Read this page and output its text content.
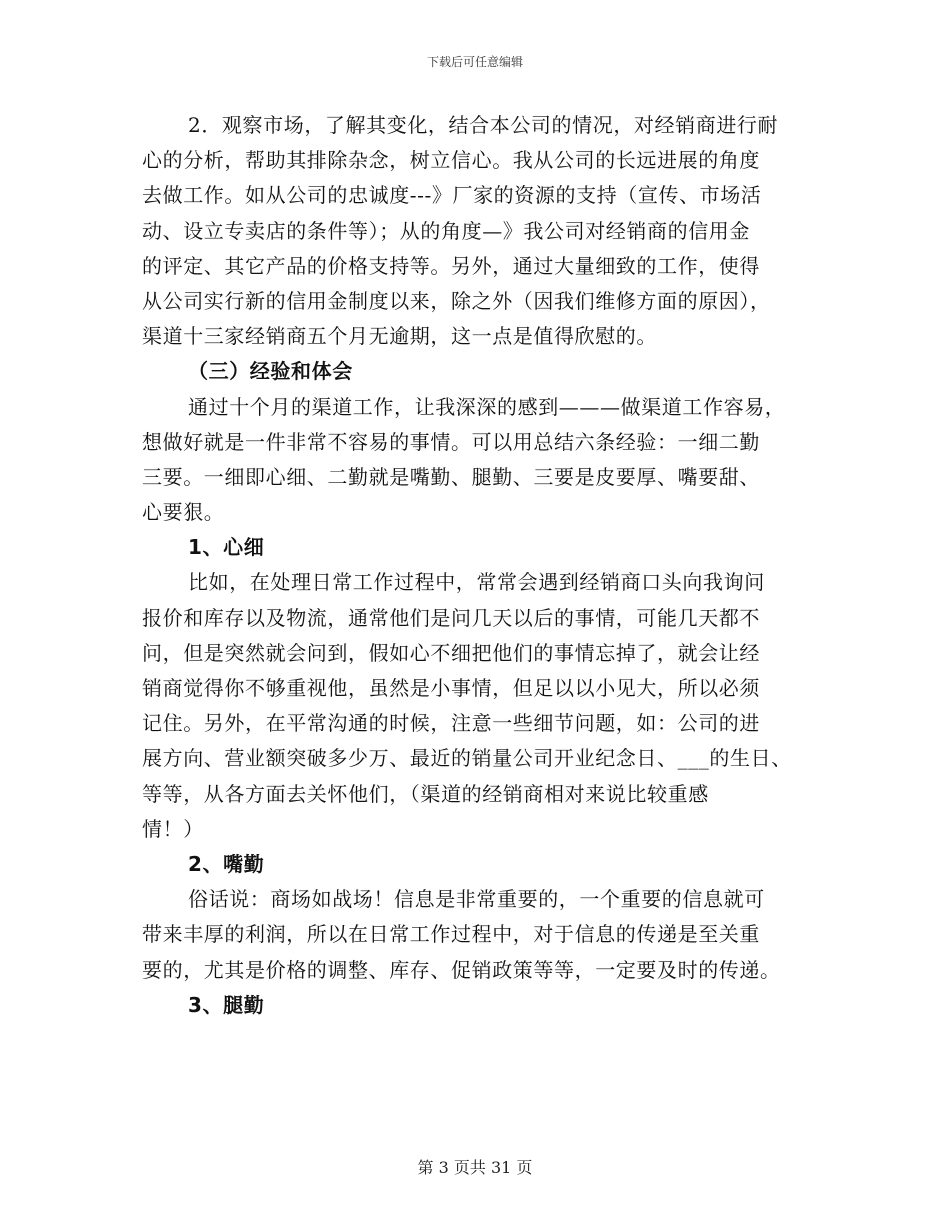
下载后可任意编辑
2．观察市场，了解其变化，结合本公司的情况，对经销商进行耐
心的分析，帮助其排除杂念，树立信心。我从公司的长远进展的角度
去做工作。如从公司的忠诚度---》厂家的资源的支持（宣传、市场活
动、设立专卖店的条件等）；从的角度—》我公司对经销商的信用金
的评定、其它产品的价格支持等。另外，通过大量细致的工作，使得
从公司实行新的信用金制度以来，除之外（因我们维修方面的原因），
渠道十三家经销商五个月无逾期，这一点是值得欣慰的。
（三）经验和体会
通过十个月的渠道工作，让我深深的感到———做渠道工作容易，
想做好就是一件非常不容易的事情。可以用总结六条经验：一细二勤
三要。一细即心细、二勤就是嘴勤、腿勤、三要是皮要厚、嘴要甜、
心要狠。
1、心细
比如，在处理日常工作过程中，常常会遇到经销商口头向我询问
报价和库存以及物流，通常他们是问几天以后的事情，可能几天都不
问，但是突然就会问到，假如心不细把他们的事情忘掉了，就会让经
销商觉得你不够重视他，虽然是小事情，但足以以小见大，所以必须
记住。另外，在平常沟通的时候，注意一些细节问题，如：公司的进
展方向、营业额突破多少万、最近的销量公司开业纪念日、___的生日、
等等，从各方面去关怀他们，（渠道的经销商相对来说比较重感
情！）
2、嘴勤
俗话说：商场如战场！信息是非常重要的，一个重要的信息就可
带来丰厚的利润，所以在日常工作过程中，对于信息的传递是至关重
要的，尤其是价格的调整、库存、促销政策等等，一定要及时的传递。
3、腿勤
第 3 页共 31 页
